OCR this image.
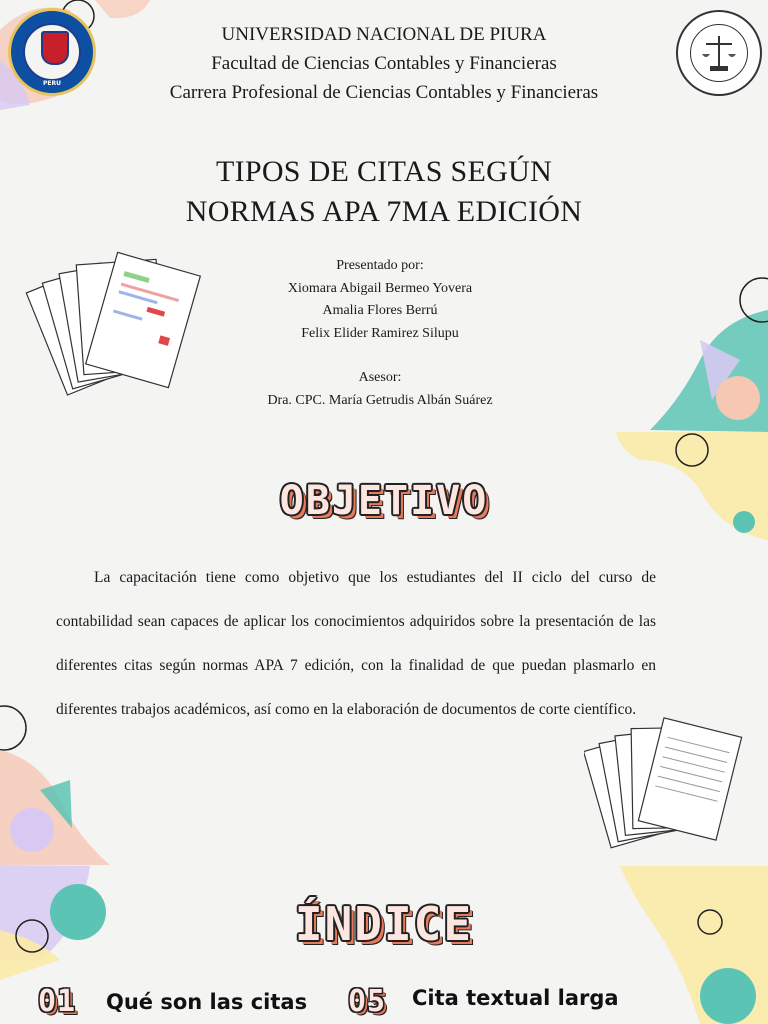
PERU
UNIVERSIDAD NACIONAL DE PIURA
Facultad de Ciencias Contables y Financieras
Carrera Profesional de Ciencias Contables y Financieras
TIPOS DE CITAS SEGÚN
NORMAS APA 7MA EDICIÓN
Presentado por:
Xiomara Abigail Bermeo Yovera
Amalia Flores Berrú
Felix Elider Ramirez Silupu
Asesor:
Dra. CPC. María Getrudis Albán Suárez
OBJETIVO
La capacitación tiene como objetivo que los estudiantes del II ciclo del curso de contabilidad sean capaces de aplicar los conocimientos adquiridos sobre la presentación de las diferentes citas según normas APA 7 edición, con la finalidad de que puedan plasmarlo en diferentes trabajos académicos, así como en la elaboración de documentos de corte científico.
ÍNDICE
01 Qué son las citas 05 Cita textual larga
